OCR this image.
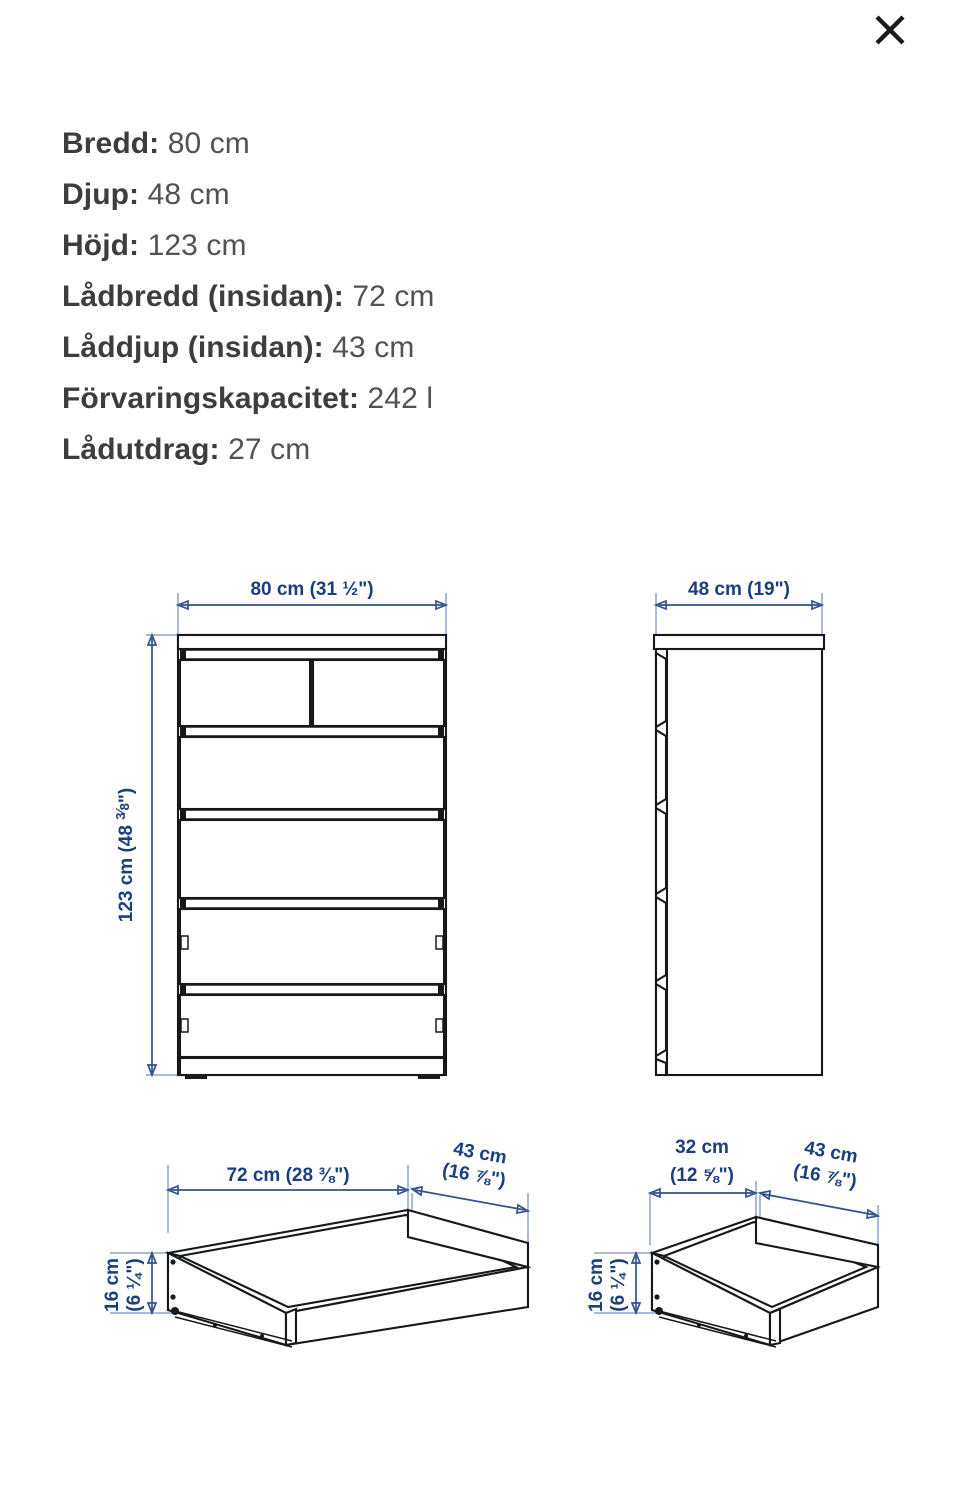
Bredd: 80 cm
Djup: 48 cm
Höjd: 123 cm
Lådbredd (insidan): 72 cm
Låddjup (insidan): 43 cm
Förvaringskapacitet: 242 l
Lådutdrag: 27 cm
80 cm (31 ½")
123 cm (48 $^3⁄_8$")
48 cm (19")
72 cm (28 ⅜")
43 cm
(16 ⅞")
16 cm (6 ¼")
32 cm
(12 ⅝")
43 cm
(16 ⅞")
16 cm (6 ¼")
